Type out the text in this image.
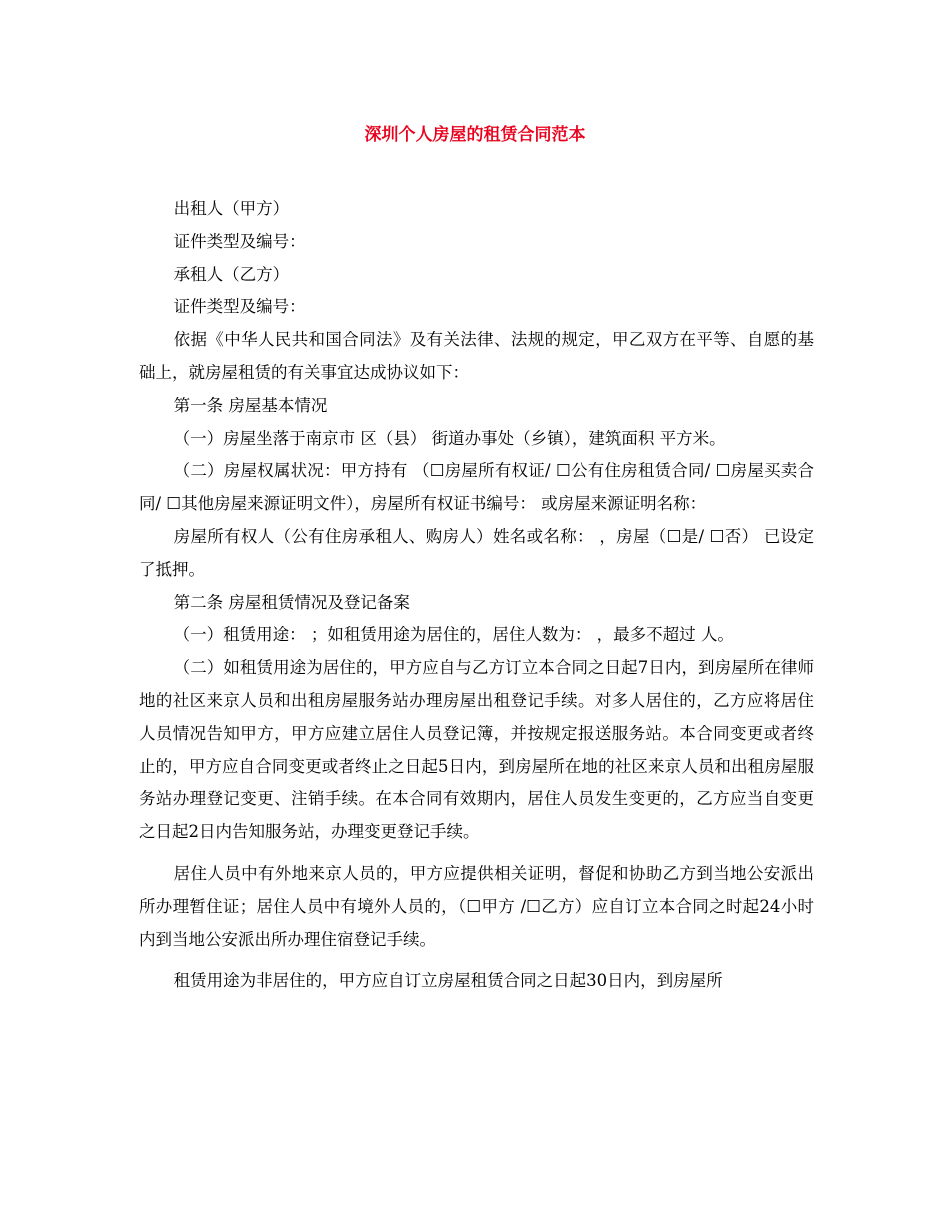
深圳个人房屋的租赁合同范本

出租人（甲方）

证件类型及编号：

承租人（乙方）

证件类型及编号：

依据《中华人民共和国合同法》及有关法律、法规的规定，甲乙双方在平等、自愿的基础上，就房屋租赁的有关事宜达成协议如下：

第一条 房屋基本情况

（一）房屋坐落于南京市 区（县） 街道办事处（乡镇），建筑面积 平方米。

（二）房屋权属状况：甲方持有 （☐房屋所有权证/ ☐公有住房租赁合同/ ☐房屋买卖合同/ ☐其他房屋来源证明文件），房屋所有权证书编号： 或房屋来源证明名称：

房屋所有权人（公有住房承租人、购房人）姓名或名称： ，房屋（☐是/ ☐否） 已设定了抵押。

第二条 房屋租赁情况及登记备案

（一）租赁用途： ；如租赁用途为居住的，居住人数为： ，最多不超过 人。

（二）如租赁用途为居住的，甲方应自与乙方订立本合同之日起7日内，到房屋所在律师地的社区来京人员和出租房屋服务站办理房屋出租登记手续。对多人居住的，乙方应将居住人员情况告知甲方，甲方应建立居住人员登记簿，并按规定报送服务站。本合同变更或者终止的，甲方应自合同变更或者终止之日起5日内，到房屋所在地的社区来京人员和出租房屋服务站办理登记变更、注销手续。在本合同有效期内，居住人员发生变更的，乙方应当自变更之日起2日内告知服务站，办理变更登记手续。

居住人员中有外地来京人员的，甲方应提供相关证明，督促和协助乙方到当地公安派出所办理暂住证；居住人员中有境外人员的，（☐甲方 /☐乙方）应自订立本合同之时起24小时内到当地公安派出所办理住宿登记手续。

租赁用途为非居住的，甲方应自订立房屋租赁合同之日起30日内，到房屋所
